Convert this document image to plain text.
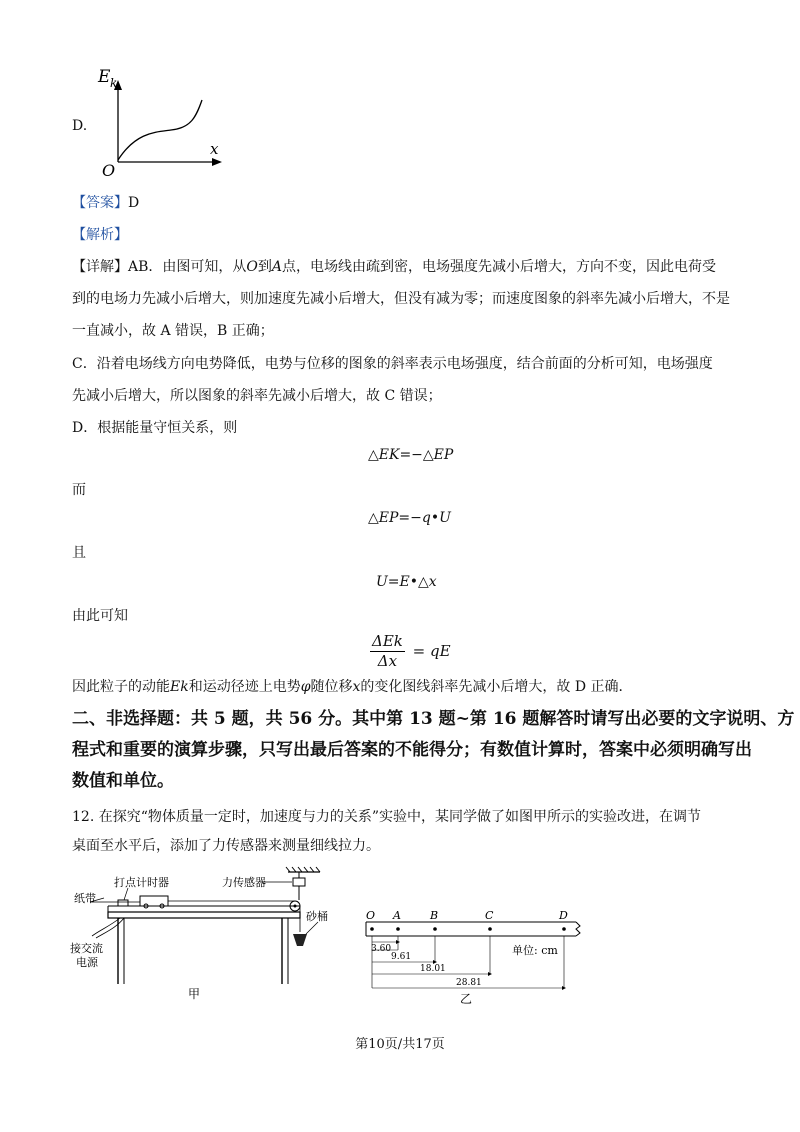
D.
E k
x
O
【答案】D
【解析】
【详解】AB．由图可知，从O到A点，电场线由疏到密，电场强度先减小后增大，方向不变，因此电荷受
到的电场力先减小后增大，则加速度先减小后增大，但没有减为零；而速度图象的斜率先减小后增大，不是
一直减小，故 A 错误，B 正确；
C．沿着电场线方向电势降低，电势与位移的图象的斜率表示电场强度，结合前面的分析可知，电场强度
先减小后增大，所以图象的斜率先减小后增大，故 C 错误；
D．根据能量守恒关系，则
△EK=−△EP
而
△EP=−q•U
且
U=E•△x
由此可知
ΔEk
Δx
= qE
因此粒子的动能Ek和运动径迹上电势φ随位移x的变化图线斜率先减小后增大，故 D 正确．
二、非选择题：共 5 题，共 56 分。其中第 13 题~第 16 题解答时请写出必要的文字说明、方
程式和重要的演算步骤，只写出最后答案的不能得分；有数值计算时，答案中必须明确写出
数值和单位。
12. 在探究“物体质量一定时，加速度与力的关系”实验中，某同学做了如图甲所示的实验改进，在调节
桌面至水平后，添加了力传感器来测量细线拉力。
打点计时器	力传感器
纸带
砂桶
接交流
电源
甲
O A	B	C	D
3.60
9.61
18.01
28.81
单位: cm
乙
第10页/共17页
